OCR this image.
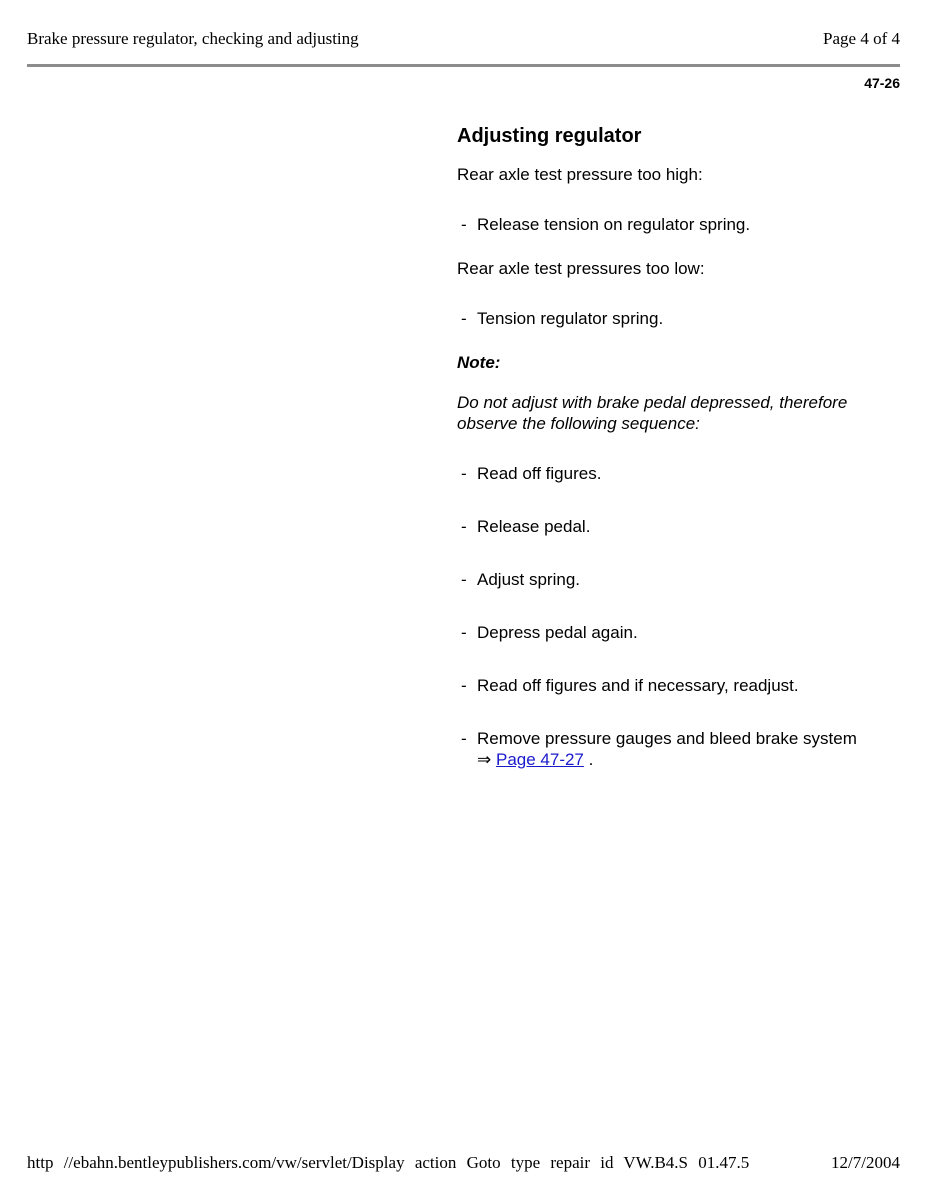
Brake pressure regulator, checking and adjusting	Page 4 of 4
47-26
Adjusting regulator

Rear axle test pressure too high:

- Release tension on regulator spring.

Rear axle test pressures too low:

- Tension regulator spring.

Note:

Do not adjust with brake pedal depressed, therefore observe the following sequence:

- Read off figures.
- Release pedal.
- Adjust spring.
- Depress pedal again.
- Read off figures and if necessary, readjust.
- Remove pressure gauges and bleed brake system ⇒ Page 47-27 .
http //ebahn.bentleypublishers.com/vw/servlet/Display action Goto type repair id VW.B4.S 01.47.5	12/7/2004
